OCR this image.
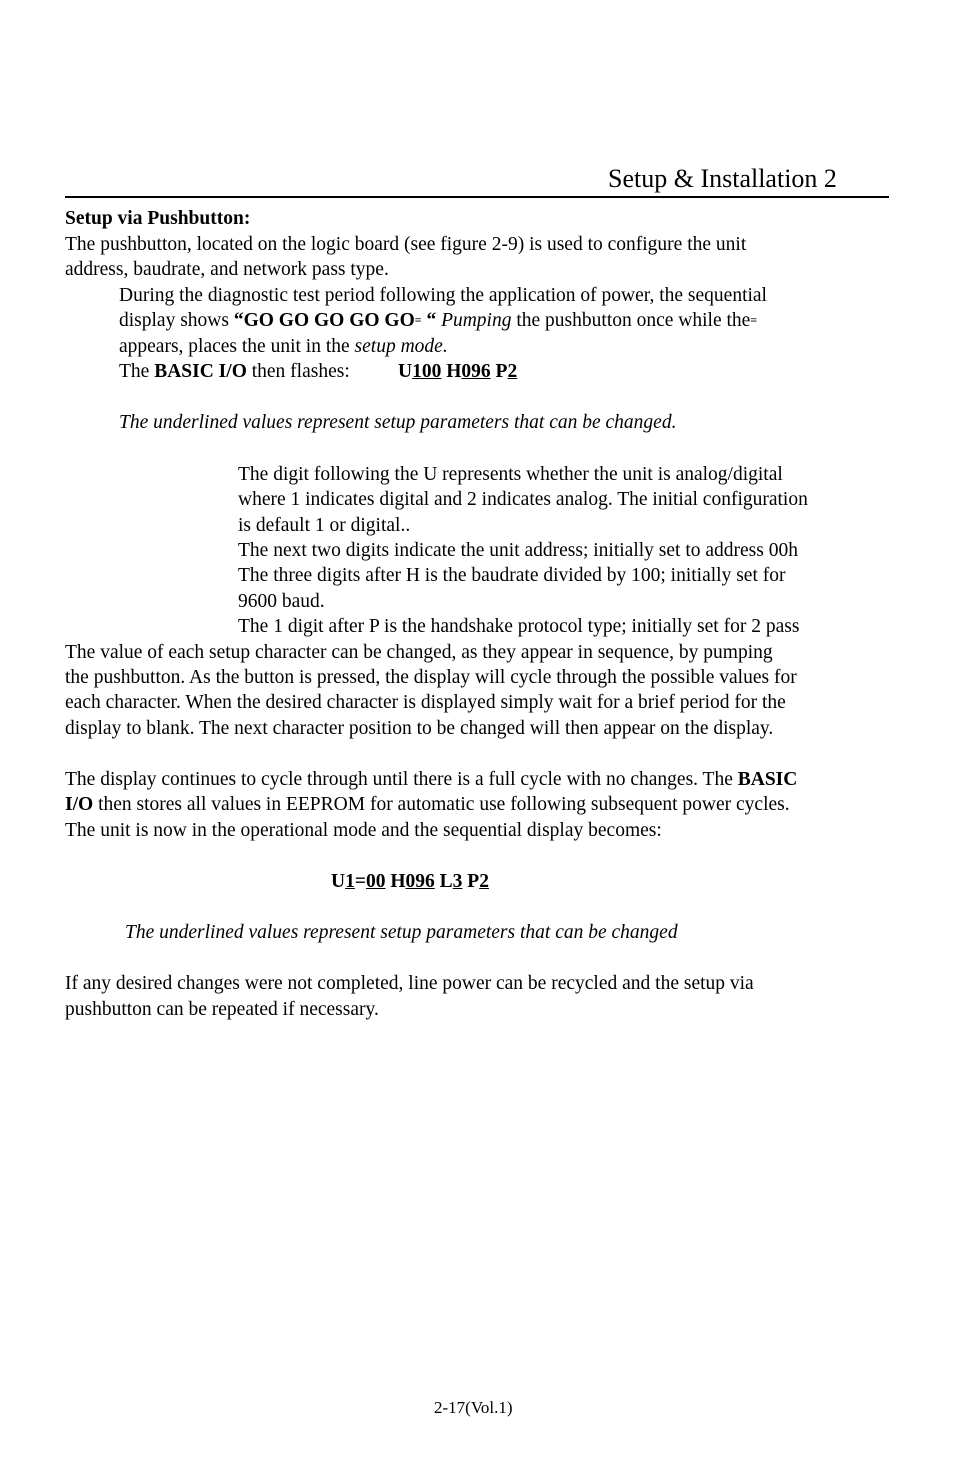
Setup & Installation 2
Setup via Pushbutton:
The pushbutton, located on the logic board (see figure 2-9) is used to configure the unit
address, baudrate, and network pass type.
During the diagnostic test period following the application of power, the sequential
display shows “GO GO GO GO GO≡ “ Pumping the pushbutton once while the≡
appears, places the unit in the setup mode.
The BASIC I/O then flashes: U100 H096 P2
The underlined values represent setup parameters that can be changed.
The digit following the U represents whether the unit is analog/digital
where 1 indicates digital and 2 indicates analog. The initial configuration
is default 1 or digital..
The next two digits indicate the unit address; initially set to address 00h
The three digits after H is the baudrate divided by 100; initially set for
9600 baud.
The 1 digit after P is the handshake protocol type; initially set for 2 pass
The value of each setup character can be changed, as they appear in sequence, by pumping
the pushbutton. As the button is pressed, the display will cycle through the possible values for
each character. When the desired character is displayed simply wait for a brief period for the
display to blank. The next character position to be changed will then appear on the display.
The display continues to cycle through until there is a full cycle with no changes. The BASIC
I/O then stores all values in EEPROM for automatic use following subsequent power cycles.
The unit is now in the operational mode and the sequential display becomes:
U1=00 H096 L3 P2
The underlined values represent setup parameters that can be changed
If any desired changes were not completed, line power can be recycled and the setup via
pushbutton can be repeated if necessary.
2-17(Vol.1)
